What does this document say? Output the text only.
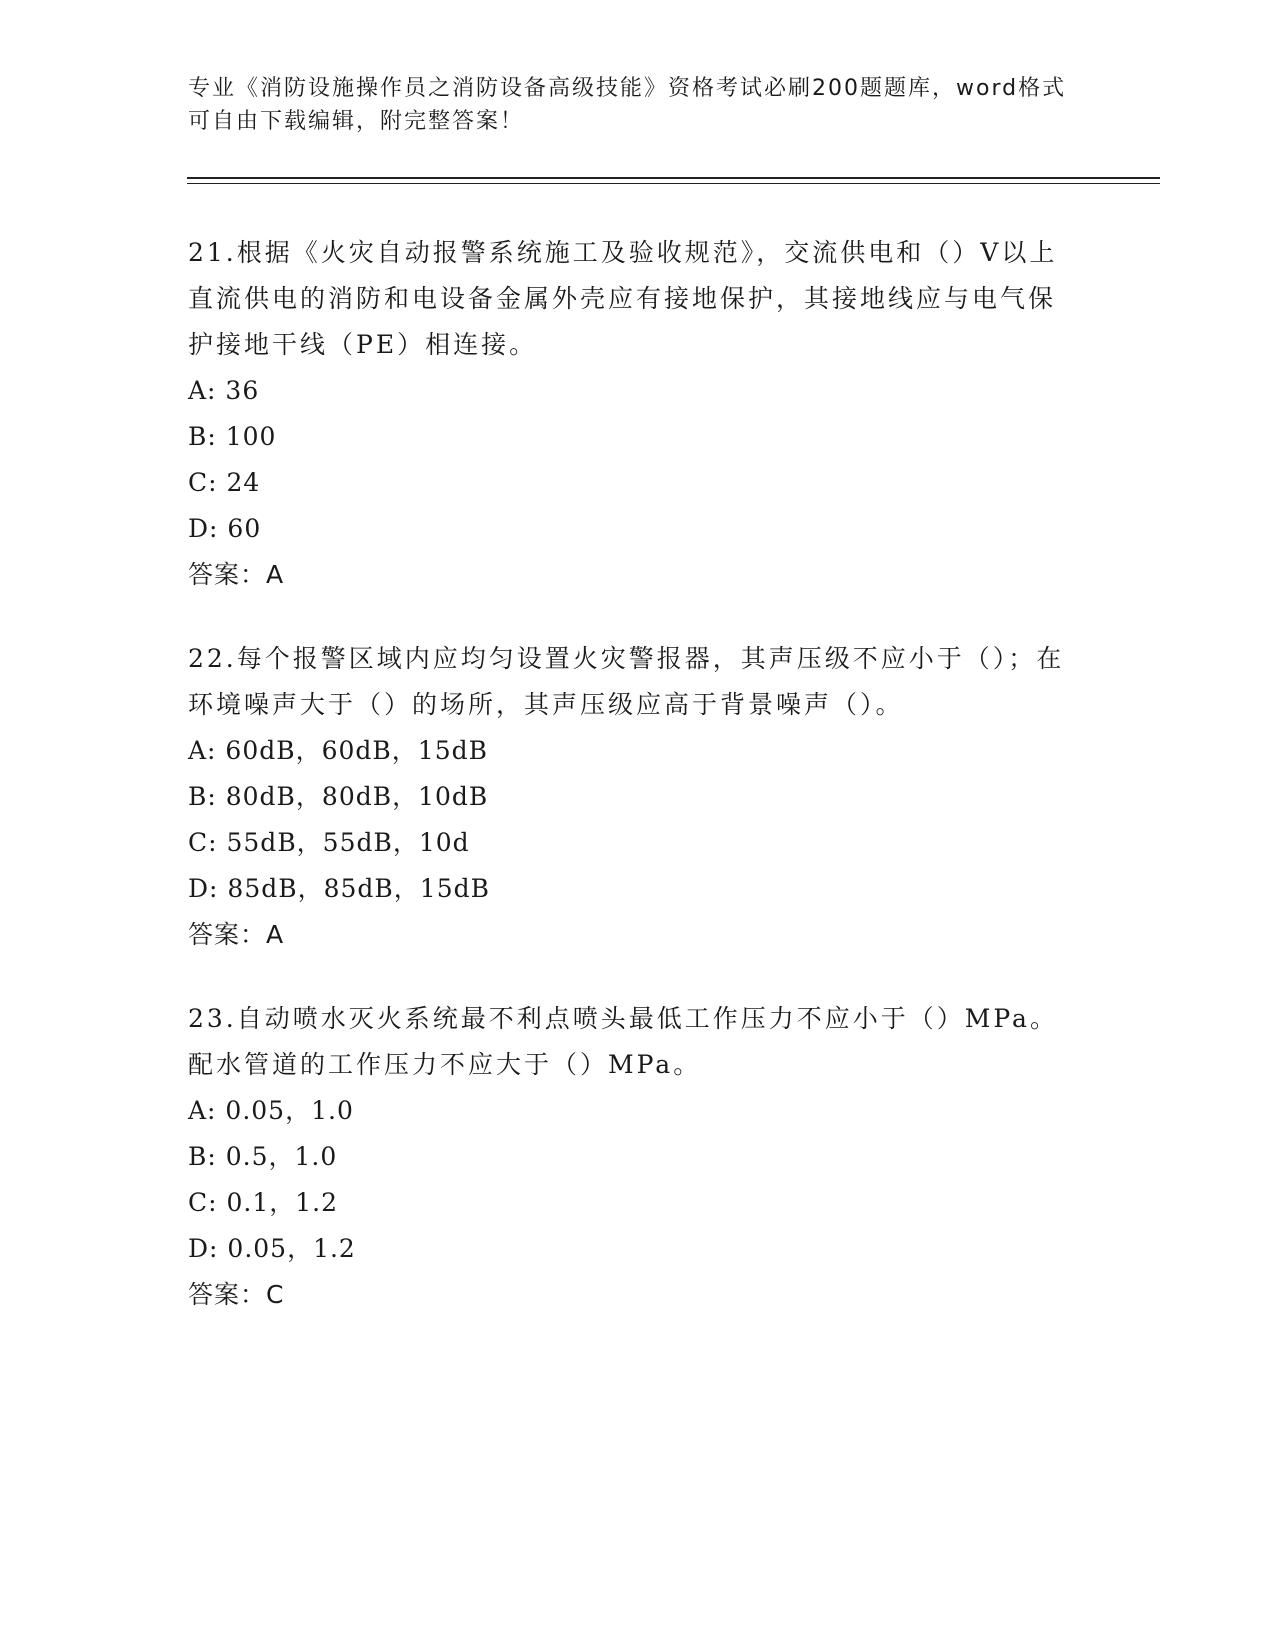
专业《消防设施操作员之消防设备高级技能》资格考试必刷200题题库，word格式可自由下载编辑，附完整答案！

21.根据《火灾自动报警系统施工及验收规范》，交流供电和（）V以上直流供电的消防和电设备金属外壳应有接地保护，其接地线应与电气保护接地干线（PE）相连接。

A: 36
B: 100
C: 24
D: 60

答案：A

22.每个报警区域内应均匀设置火灾警报器，其声压级不应小于（）；在环境噪声大于（）的场所，其声压级应高于背景噪声（）。

A: 60dB，60dB，15dB
B: 80dB，80dB，10dB
C: 55dB，55dB，10d
D: 85dB，85dB，15dB

答案：A

23.自动喷水灭火系统最不利点喷头最低工作压力不应小于（）MPa。配水管道的工作压力不应大于（）MPa。

A: 0.05，1.0
B: 0.5，1.0
C: 0.1，1.2
D: 0.05，1.2

答案：C
